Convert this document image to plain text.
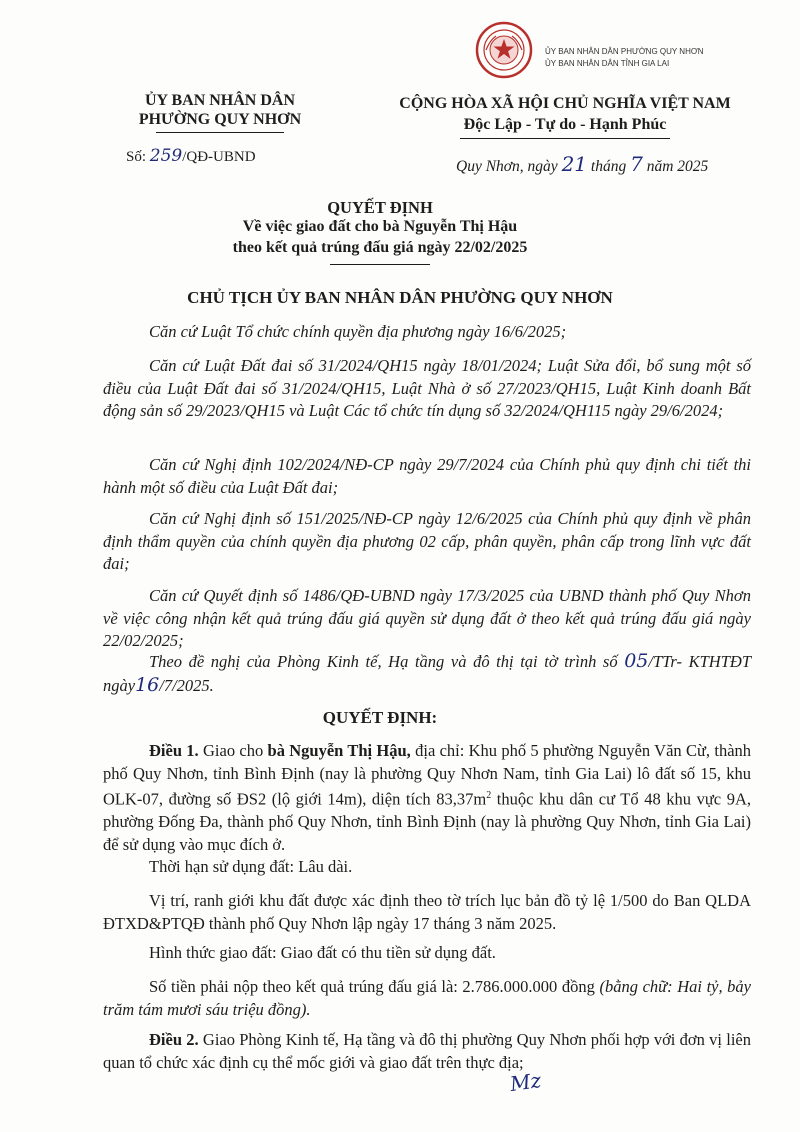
ỦY BAN NHÂN DÂN PHƯỜNG QUY NHƠN
ỦY BAN NHÂN DÂN TỈNH GIA LAI
ỦY BAN NHÂN DÂN
PHƯỜNG QUY NHƠN
Số: 259/QĐ-UBND
CỘNG HÒA XÃ HỘI CHỦ NGHĨA VIỆT NAM
Độc Lập - Tự do - Hạnh Phúc
Quy Nhơn, ngày 21 tháng 7 năm 2025
QUYẾT ĐỊNH
Về việc giao đất cho bà Nguyễn Thị Hậu
theo kết quả trúng đấu giá ngày 22/02/2025
CHỦ TỊCH ỦY BAN NHÂN DÂN PHƯỜNG QUY NHƠN
Căn cứ Luật Tổ chức chính quyền địa phương ngày 16/6/2025;
Căn cứ Luật Đất đai số 31/2024/QH15 ngày 18/01/2024; Luật Sửa đổi, bổ sung một số điều của Luật Đất đai số 31/2024/QH15, Luật Nhà ở số 27/2023/QH15, Luật Kinh doanh Bất động sản số 29/2023/QH15 và Luật Các tổ chức tín dụng số 32/2024/QH115 ngày 29/6/2024;
Căn cứ Nghị định 102/2024/NĐ-CP ngày 29/7/2024 của Chính phủ quy định chi tiết thi hành một số điều của Luật Đất đai;
Căn cứ Nghị định số 151/2025/NĐ-CP ngày 12/6/2025 của Chính phủ quy định về phân định thẩm quyền của chính quyền địa phương 02 cấp, phân quyền, phân cấp trong lĩnh vực đất đai;
Căn cứ Quyết định số 1486/QĐ-UBND ngày 17/3/2025 của UBND thành phố Quy Nhơn về việc công nhận kết quả trúng đấu giá quyền sử dụng đất ở theo kết quả trúng đấu giá ngày 22/02/2025;
Theo đề nghị của Phòng Kinh tế, Hạ tầng và đô thị tại tờ trình số 05/TTr- KTHTĐT ngày16/7/2025.
QUYẾT ĐỊNH:
Điều 1. Giao cho bà Nguyễn Thị Hậu, địa chỉ: Khu phố 5 phường Nguyễn Văn Cừ, thành phố Quy Nhơn, tỉnh Bình Định (nay là phường Quy Nhơn Nam, tỉnh Gia Lai) lô đất số 15, khu OLK-07, đường số ĐS2 (lộ giới 14m), diện tích $83,37m^2$ thuộc khu dân cư Tổ 48 khu vực 9A, phường Đống Đa, thành phố Quy Nhơn, tỉnh Bình Định (nay là phường Quy Nhơn, tỉnh Gia Lai) để sử dụng vào mục đích ở.
Thời hạn sử dụng đất: Lâu dài.
Vị trí, ranh giới khu đất được xác định theo tờ trích lục bản đồ tỷ lệ 1/500 do Ban QLDA ĐTXD&PTQĐ thành phố Quy Nhơn lập ngày 17 tháng 3 năm 2025.
Hình thức giao đất: Giao đất có thu tiền sử dụng đất.
Số tiền phải nộp theo kết quả trúng đấu giá là: 2.786.000.000 đồng (bằng chữ: Hai tỷ, bảy trăm tám mươi sáu triệu đồng).
Điều 2. Giao Phòng Kinh tế, Hạ tầng và đô thị phường Quy Nhơn phối hợp với đơn vị liên quan tổ chức xác định cụ thể mốc giới và giao đất trên thực địa;
Mz
